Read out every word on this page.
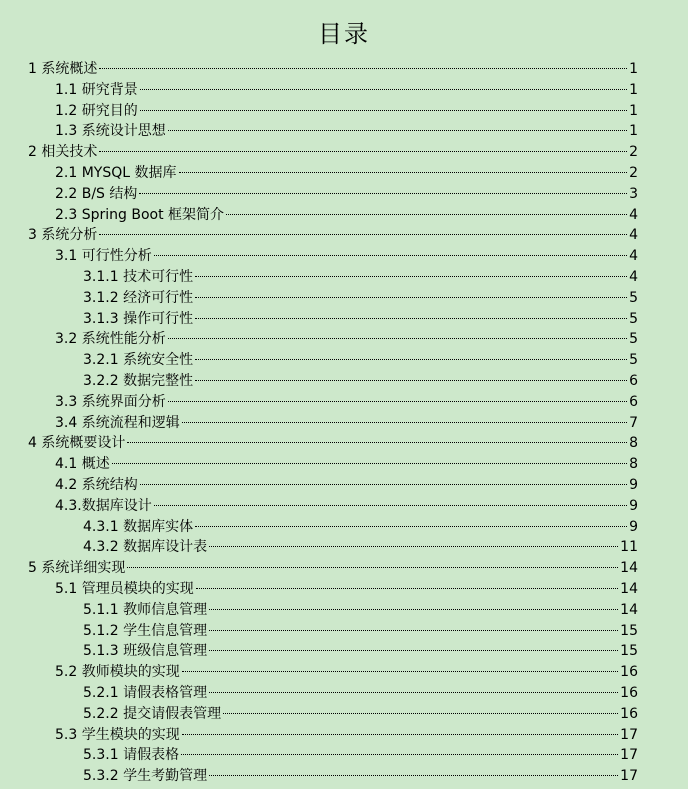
目录
1 系统概述	1
1.1 研究背景	1
1.2 研究目的	1
1.3 系统设计思想	1
2 相关技术	2
2.1 MYSQL 数据库	2
2.2 B/S 结构	3
2.3 Spring Boot 框架简介	4
3 系统分析	4
3.1 可行性分析	4
3.1.1 技术可行性	4
3.1.2 经济可行性	5
3.1.3 操作可行性	5
3.2 系统性能分析	5
3.2.1 系统安全性	5
3.2.2 数据完整性	6
3.3 系统界面分析	6
3.4 系统流程和逻辑	7
4 系统概要设计	8
4.1 概述	8
4.2 系统结构	9
4.3.数据库设计	9
4.3.1 数据库实体	9
4.3.2 数据库设计表	11
5 系统详细实现	14
5.1 管理员模块的实现	14
5.1.1 教师信息管理	14
5.1.2 学生信息管理	15
5.1.3 班级信息管理	15
5.2 教师模块的实现	16
5.2.1 请假表格管理	16
5.2.2 提交请假表管理	16
5.3 学生模块的实现	17
5.3.1 请假表格	17
5.3.2 学生考勤管理	17
